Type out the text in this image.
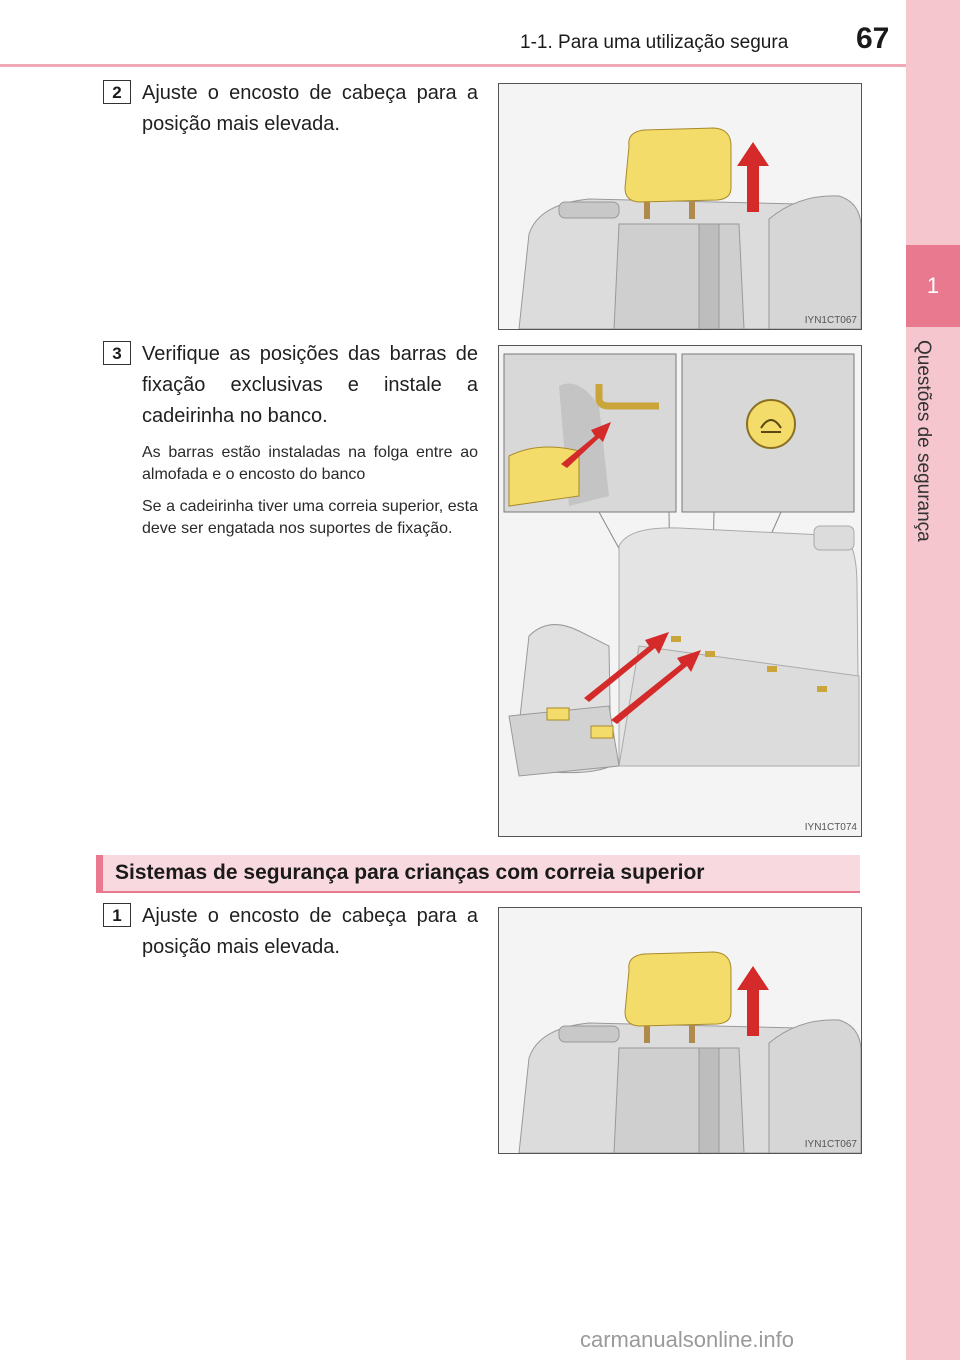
1
Questões de segurança
1-1. Para uma utilização segura 67
2	Ajuste o encosto de cabeça para a posição mais elevada.
IYN1CT067
3	Verifique as posições das barras de fixação exclusivas e instale a cadeirinha no banco.
As barras estão instaladas na folga entre ao almofada e o encosto do banco
Se a cadeirinha tiver uma correia superior, esta deve ser engatada nos suportes de fixação.
IYN1CT074
Sistemas de segurança para crianças com correia superior
1	Ajuste o encosto de cabeça para a posição mais elevada.
IYN1CT067
carmanualsonline.info
